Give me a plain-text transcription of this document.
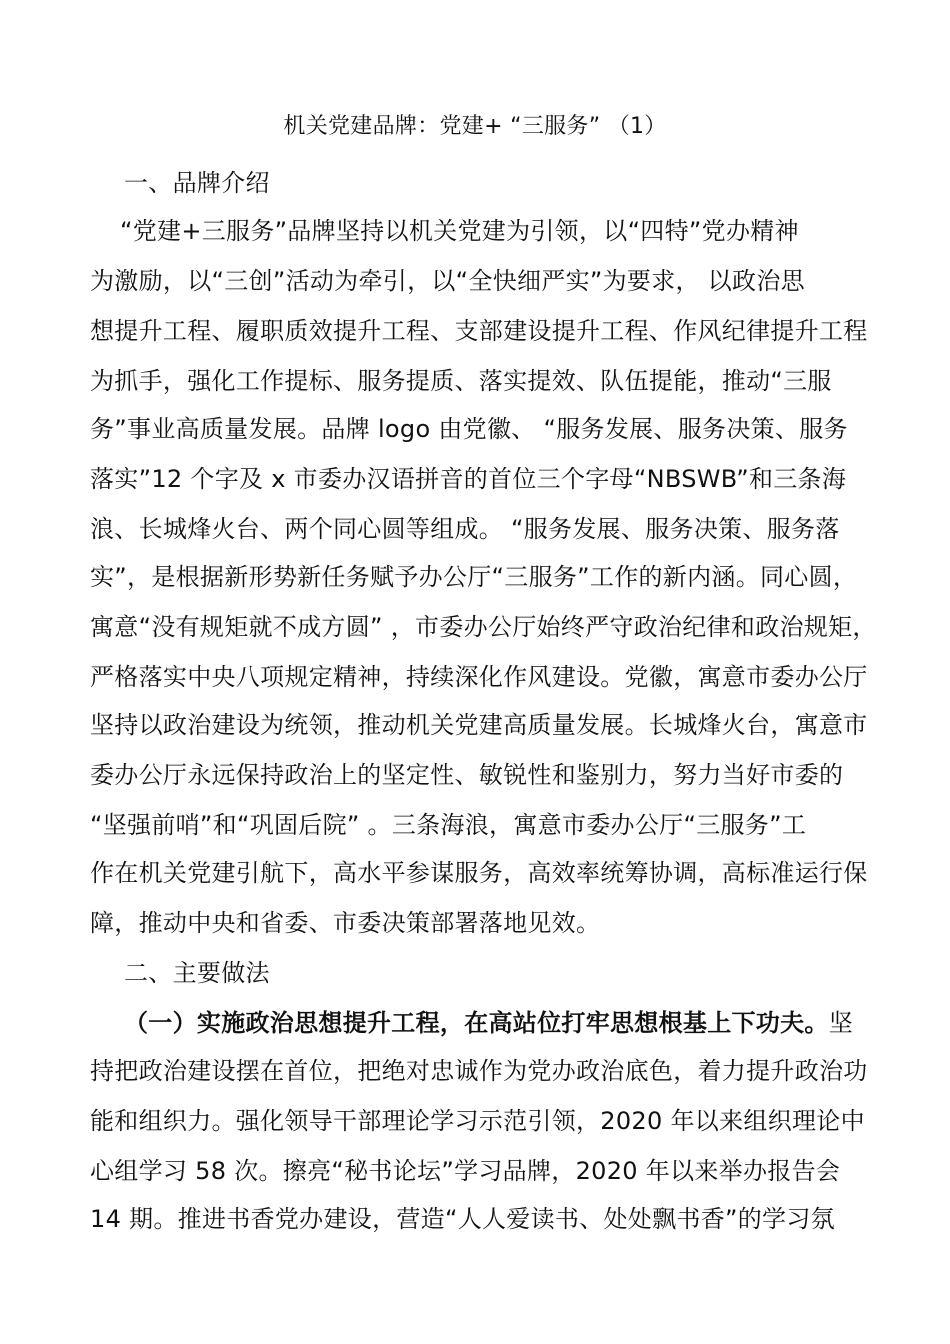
机关党建品牌：党建+ “三服务” （1）
一、品牌介绍
“党建+三服务”品牌坚持以机关党建为引领，以“四特”党办精神
为激励，以“三创”活动为牵引，以“全快细严实”为要求， 以政治思
想提升工程、履职质效提升工程、支部建设提升工程、作风纪律提升工程
为抓手，强化工作提标、服务提质、落实提效、队伍提能，推动“三服
务”事业高质量发展。品牌 logo 由党徽、 “服务发展、服务决策、服务
落实”12 个字及 x 市委办汉语拼音的首位三个字母“NBSWB”和三条海
浪、长城烽火台、两个同心圆等组成。 “服务发展、服务决策、服务落
实”，是根据新形势新任务赋予办公厅“三服务”工作的新内涵。同心圆，
寓意“没有规矩就不成方圆” ，市委办公厅始终严守政治纪律和政治规矩，
严格落实中央八项规定精神，持续深化作风建设。党徽，寓意市委办公厅
坚持以政治建设为统领，推动机关党建高质量发展。长城烽火台，寓意市
委办公厅永远保持政治上的坚定性、敏锐性和鉴别力，努力当好市委的
“坚强前哨”和“巩固后院” 。三条海浪，寓意市委办公厅“三服务”工
作在机关党建引航下，高水平参谋服务，高效率统筹协调，高标准运行保
障，推动中央和省委、市委决策部署落地见效。
二、主要做法
（一）实施政治思想提升工程，在高站位打牢思想根基上下功夫。坚
持把政治建设摆在首位，把绝对忠诚作为党办政治底色，着力提升政治功
能和组织力。强化领导干部理论学习示范引领，2020 年以来组织理论中
心组学习 58 次。擦亮“秘书论坛”学习品牌，2020 年以来举办报告会
14 期。推进书香党办建设，营造“人人爱读书、处处飘书香”的学习氛
